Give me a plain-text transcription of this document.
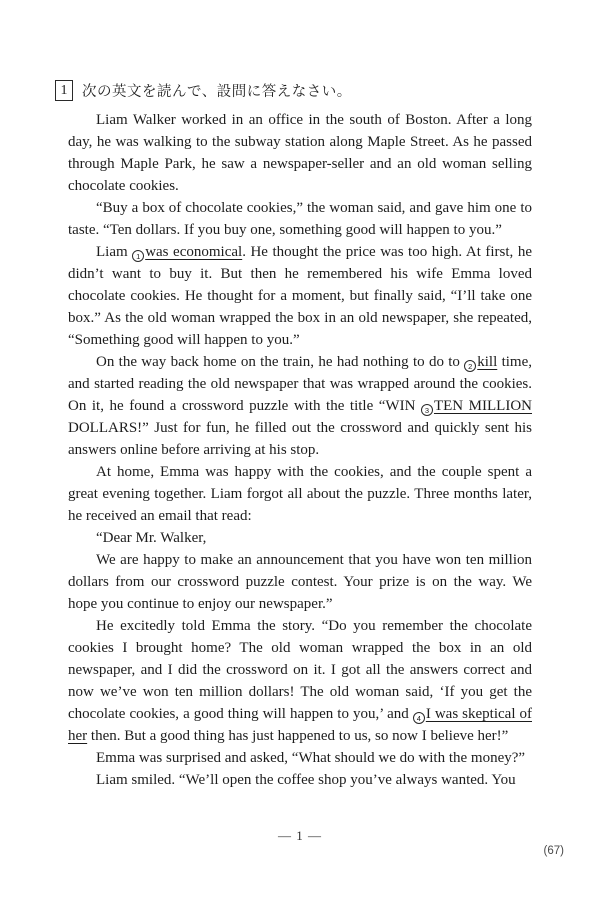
1	次の英文を読んで、設問に答えなさい。

Liam Walker worked in an office in the south of Boston. After a long day, he was walking to the subway station along Maple Street. As he passed through Maple Park, he saw a newspaper-seller and an old woman selling chocolate cookies.

“Buy a box of chocolate cookies,” the woman said, and gave him one to taste. “Ten dollars. If you buy one, something good will happen to you.”

Liam 1 was economical. He thought the price was too high. At first, he didn’t want to buy it. But then he remembered his wife Emma loved chocolate cookies. He thought for a moment, but finally said, “I’ll take one box.” As the old woman wrapped the box in an old newspaper, she repeated, “Something good will happen to you.”

On the way back home on the train, he had nothing to do to 2 kill time, and started reading the old newspaper that was wrapped around the cookies. On it, he found a crossword puzzle with the title “WIN 3 TEN MILLION DOLLARS!” Just for fun, he filled out the crossword and quickly sent his answers online before arriving at his stop.

At home, Emma was happy with the cookies, and the couple spent a great evening together. Liam forgot all about the puzzle. Three months later, he received an email that read:

“Dear Mr. Walker,

We are happy to make an announcement that you have won ten million dollars from our crossword puzzle contest. Your prize is on the way. We hope you continue to enjoy our newspaper.”

He excitedly told Emma the story. “Do you remember the chocolate cookies I brought home? The old woman wrapped the box in an old newspaper, and I did the crossword on it. I got all the answers correct and now we’ve won ten million dollars! The old woman said, ‘If you get the chocolate cookies, a good thing will happen to you,’ and 4 I was skeptical of her then. But a good thing has just happened to us, so now I believe her!”

Emma was surprised and asked, “What should we do with the money?”

Liam smiled. “We’ll open the coffee shop you’ve always wanted. You

— 1 —
(67)
